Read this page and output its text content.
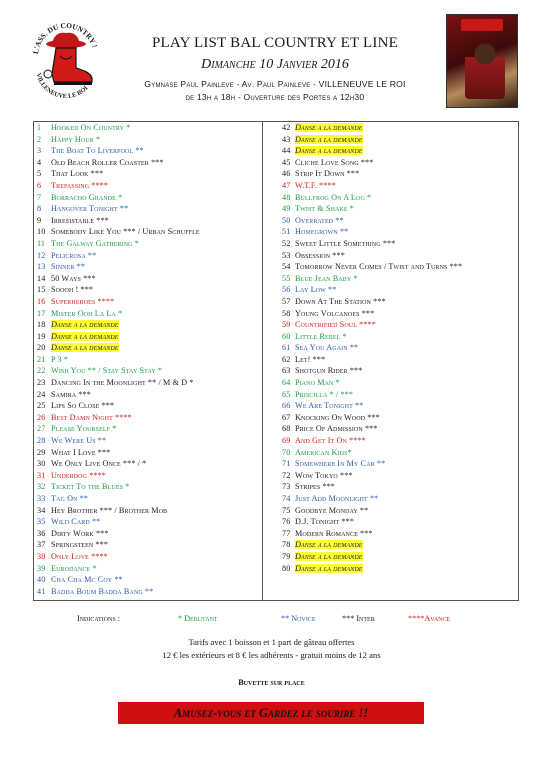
L'ASS. DU COUNTRY !
VILLENEUVE LE ROI
PLAY LIST BAL COUNTRY ET LINE
Dimanche 10 Janvier 2016
Gymnase Paul Painleve - Av. Paul Painleve - VILLENEUVE LE ROI
de 13h a 18h - Ouverture des Portes a 12h30
1 Hooked On Country *
2 Happy Hour *
3 The Boat To Liverpool **
4 Old Beach Roller Coaster ***
5 That Look ***
6 Trepassing ****
7 Borracho Grande *
8 Hangover Tonight **
9 Irresistable ***
10 Somebody Like You *** / Urban Schuffle
11 The Galway Gathering *
12 Pelicrosa **
13 Sinner **
14 50 Ways ***
15 Soooh ! ***
16 Superheroes ****
17 Mister Ooh La La *
18 Danse a la demande
19 Danse a la demande
20 Danse a la demande
21 P 3 *
22 Wish You ** / Stay Stay Stay *
23 Dancing In the Moonlight ** / M & D *
24 Samira ***
25 Lips So Close ***
26 Best Damn Night ****
27 Please Yourself *
28 We Were Us **
29 What I Love ***
30 We Only Live Once *** / *
31 Underdog ****
32 Ticket To the Blues *
33 Tag On **
34 Hey Brother *** / Brother Mob
35 Wild Card **
36 Dirty Work ***
37 Springsteen ***
38 Only Love ****
39 Eurodance *
40 Cha Cha Mc Coy **
41 Badda Boum Badda Bang **
42 Danse a la demande
43 Danse a la demande
44 Danse a la demande
45 Cliche Love Song ***
46 Strip It Down ***
47 W.T.F. ****
48 Bullfrog On A Log *
49 Twist & Shake *
50 Overrated **
51 Homegrown **
52 Sweet Little Something ***
53 Obsession ***
54 Tomorrow Never Comes / Twist and Turns ***
55 Blue Jean Baby *
56 Lay Low **
57 Down At The Station ***
58 Young Volcanoes ***
59 Countrified Soul ****
60 Little Rebel *
61 Sea You Again **
62 Let! ***
63 Shotgun Rider ***
64 Piano Man *
65 Priscilla * / ***
66 We Are Tonight **
67 Knocking On Wood ***
68 Price Of Admission ***
69 And Get It On ****
70 American Kids*
71 Somewhere In My Car **
72 Wow Tokyo ***
73 Stripes ***
74 Just Add Moonlight **
75 Goodbye Monday **
76 D.J. Tonight ***
77 Modern Romance ***
78 Danse a la demande
79 Danse a la demande
80 Danse a la demande
Indications :	* Debutant	** Novice	*** Inter	****Avance
Tarifs avec 1 boisson et 1 part de gâteau offertes
12 € les extérieurs et 8 € les adhérents - gratuit moins de 12 ans
Buvette sur place
Amusez-vous et Gardez le sourire !!
